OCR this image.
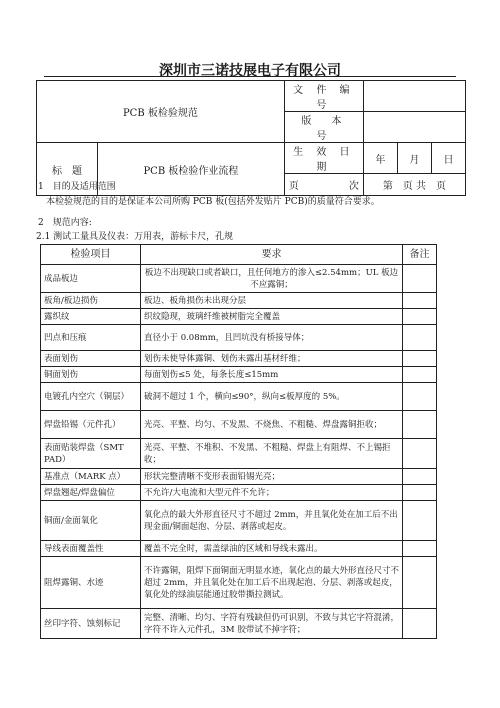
深圳市三诺技展电子有限公司
PCB 板检验规范		文 件 编 号			
		版　本　号			
标　题	PCB 板检验作业流程	生 效 日 期	年	月	日
		页 次	第　页 共　页		
1　目的及适用范围
本检验规范的目的是保证本公司所购 PCB 板(包括外发贴片 PCB)的质量符合要求。
2　规范内容:
2.1 测试工量具及仪表：万用表，游标卡尺，孔规
检验项目	要求	备注
成品板边	板边不出现缺口或者缺口，且任何地方的渗入≤2.54mm；UL 板边不应露铜；	
板角/板边损伤	板边、板角损伤未出现分层	
露织纹	织纹隐现，玻璃纤维被树脂完全覆盖	
凹点和压痕	直径小于 0.08mm，且凹坑没有桥接导体；	
表面划伤	划伤未使导体露铜、划伤未露出基材纤维；	
铜面划伤	每面划伤≤5 处，每条长度≤15mm	
电镀孔内空穴（铜层）	破洞不超过 1 个，横向≤90°，纵向≤板厚度的 5%。	
焊盘铅锡（元件孔）	光亮、平整、均匀、不发黑、不烧焦、不粗糙、焊盘露铜拒收；	
表面贴装焊盘（SMT PAD）	光亮、平整、不堆积、不发黑、不粗糙、焊盘上有阻焊、不上锡拒收；	
基准点（MARK 点）	形状完整清晰不变形表面铅锡光亮；	
焊盘翘起/焊盘偏位	不允许/大电流和大型元件不允许；	
铜面/金面氧化	氧化点的最大外形直径尺寸不超过 2mm，并且氧化处在加工后不出现金面/铜面起泡、分层、剥落或起皮。	
导线表面覆盖性	覆盖不完全时，需盖绿油的区域和导线未露出。	
阻焊露铜、水迹	不许露铜，阻焊下面铜面无明显水迹，氧化点的最大外形直径尺寸不超过 2mm，并且氧化处在加工后不出现起泡、分层、剥落或起皮，氧化处的绿油层能通过胶带撕拉测试。	
丝印字符、蚀刻标记	完整、清晰、均匀、字符有残缺但仍可识别，不致与其它字符混淆，字符不许入元件孔，3M 胶带试不掉字符；	
